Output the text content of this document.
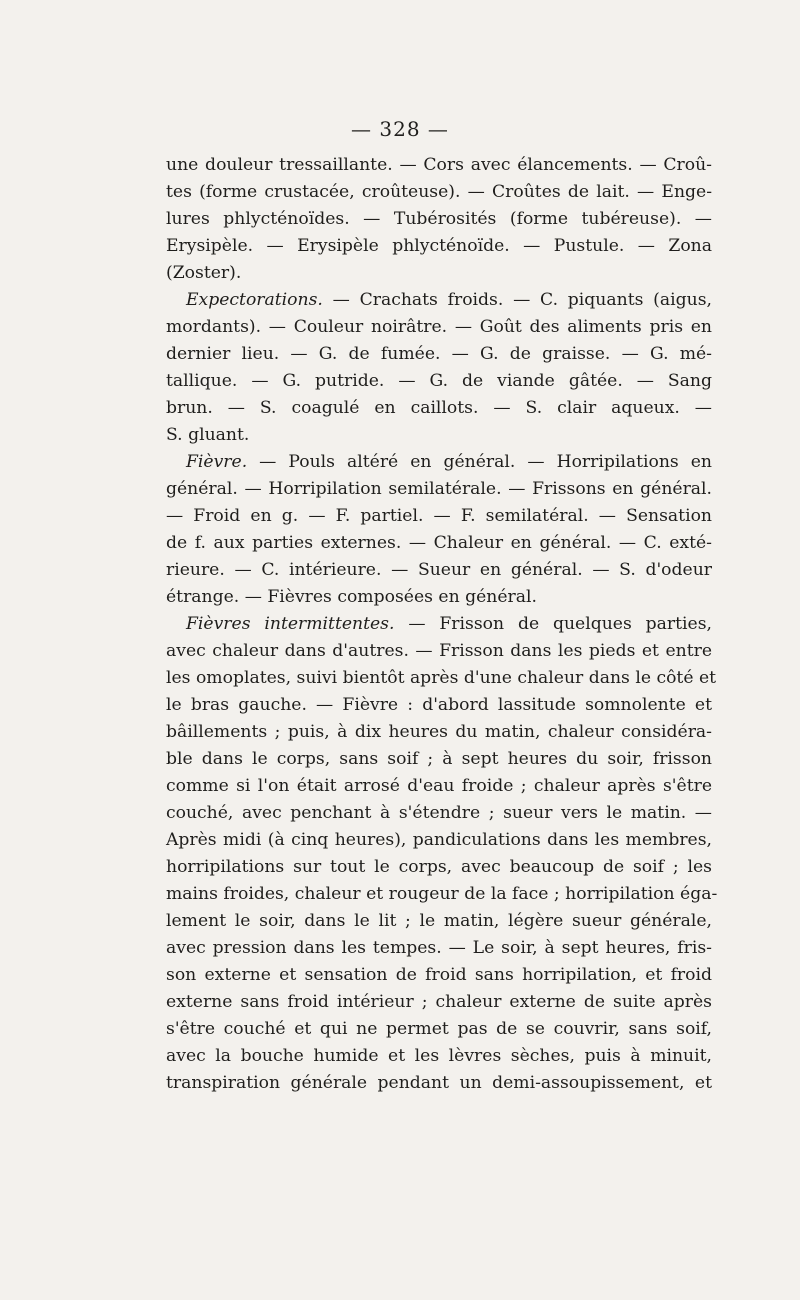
— 328 —
une douleur tressaillante. — Cors avec élancements. — Croû-
tes (forme crustacée, croûteuse). — Croûtes de lait. — Enge-
lures phlycténoïdes. — Tubérosités (forme tubéreuse). —
Erysipèle. — Erysipèle phlycténoïde. — Pustule. — Zona
(Zoster).
Expectorations. — Crachats froids. — C. piquants (aigus,
mordants). — Couleur noirâtre. — Goût des aliments pris en
dernier lieu. — G. de fumée. — G. de graisse. — G. mé-
tallique. — G. putride. — G. de viande gâtée. — Sang
brun. — S. coagulé en caillots. — S. clair aqueux. —
S. gluant.
Fièvre. — Pouls altéré en général. — Horripilations en
général. — Horripilation semilatérale. — Frissons en général.
— Froid en g. — F. partiel. — F. semilatéral. — Sensation
de f. aux parties externes. — Chaleur en général. — C. exté-
rieure. — C. intérieure. — Sueur en général. — S. d'odeur
étrange. — Fièvres composées en général.
Fièvres intermittentes. — Frisson de quelques parties,
avec chaleur dans d'autres. — Frisson dans les pieds et entre
les omoplates, suivi bientôt après d'une chaleur dans le côté et
le bras gauche. — Fièvre : d'abord lassitude somnolente et
bâillements ; puis, à dix heures du matin, chaleur considéra-
ble dans le corps, sans soif ; à sept heures du soir, frisson
comme si l'on était arrosé d'eau froide ; chaleur après s'être
couché, avec penchant à s'étendre ; sueur vers le matin. —
Après midi (à cinq heures), pandiculations dans les membres,
horripilations sur tout le corps, avec beaucoup de soif ; les
mains froides, chaleur et rougeur de la face ; horripilation éga-
lement le soir, dans le lit ; le matin, légère sueur générale,
avec pression dans les tempes. — Le soir, à sept heures, fris-
son externe et sensation de froid sans horripilation, et froid
externe sans froid intérieur ; chaleur externe de suite après
s'être couché et qui ne permet pas de se couvrir, sans soif,
avec la bouche humide et les lèvres sèches, puis à minuit,
transpiration générale pendant un demi-assoupissement, et
